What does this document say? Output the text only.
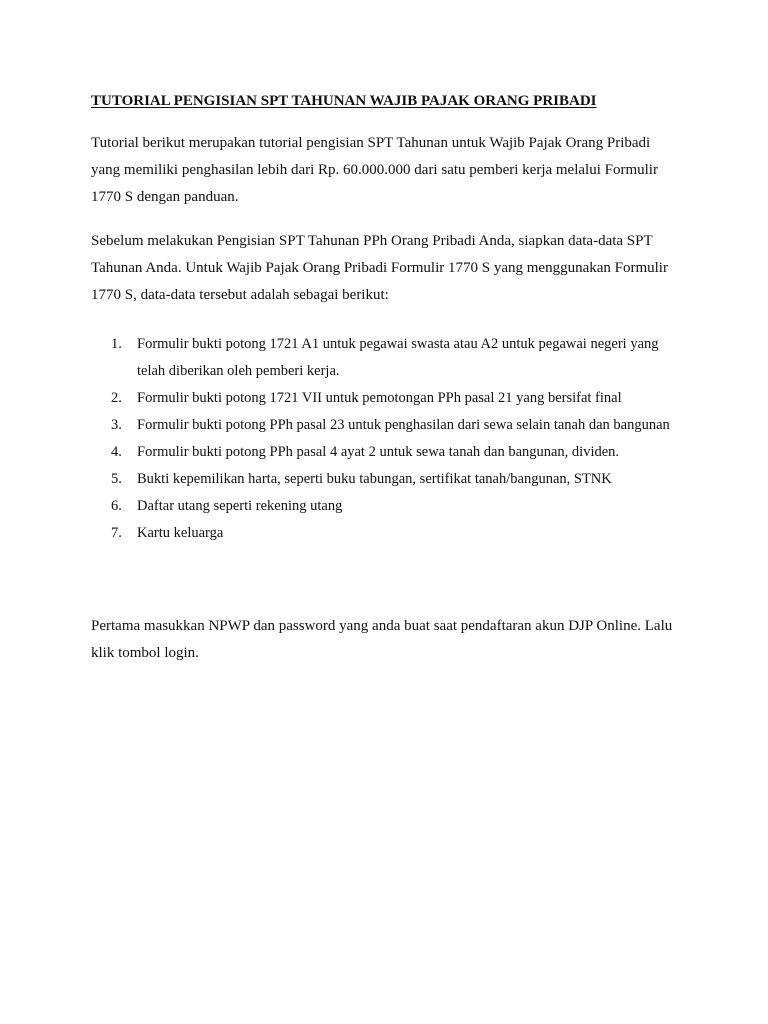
TUTORIAL PENGISIAN SPT TAHUNAN WAJIB PAJAK ORANG PRIBADI

Tutorial berikut merupakan tutorial pengisian SPT Tahunan untuk Wajib Pajak Orang Pribadi yang memiliki penghasilan lebih dari Rp. 60.000.000 dari satu pemberi kerja melalui Formulir 1770 S dengan panduan.

Sebelum melakukan Pengisian SPT Tahunan PPh Orang Pribadi Anda, siapkan data-data SPT Tahunan Anda. Untuk Wajib Pajak Orang Pribadi Formulir 1770 S yang menggunakan Formulir 1770 S, data-data tersebut adalah sebagai berikut:

1. Formulir bukti potong 1721 A1 untuk pegawai swasta atau A2 untuk pegawai negeri yang telah diberikan oleh pemberi kerja.
2. Formulir bukti potong 1721 VII untuk pemotongan PPh pasal 21 yang bersifat final
3. Formulir bukti potong PPh pasal 23 untuk penghasilan dari sewa selain tanah dan bangunan
4. Formulir bukti potong PPh pasal 4 ayat 2 untuk sewa tanah dan bangunan, dividen.
5. Bukti kepemilikan harta, seperti buku tabungan, sertifikat tanah/bangunan, STNK
6. Daftar utang seperti rekening utang
7. Kartu keluarga

Pertama masukkan NPWP dan password yang anda buat saat pendaftaran akun DJP Online. Lalu klik tombol login.
